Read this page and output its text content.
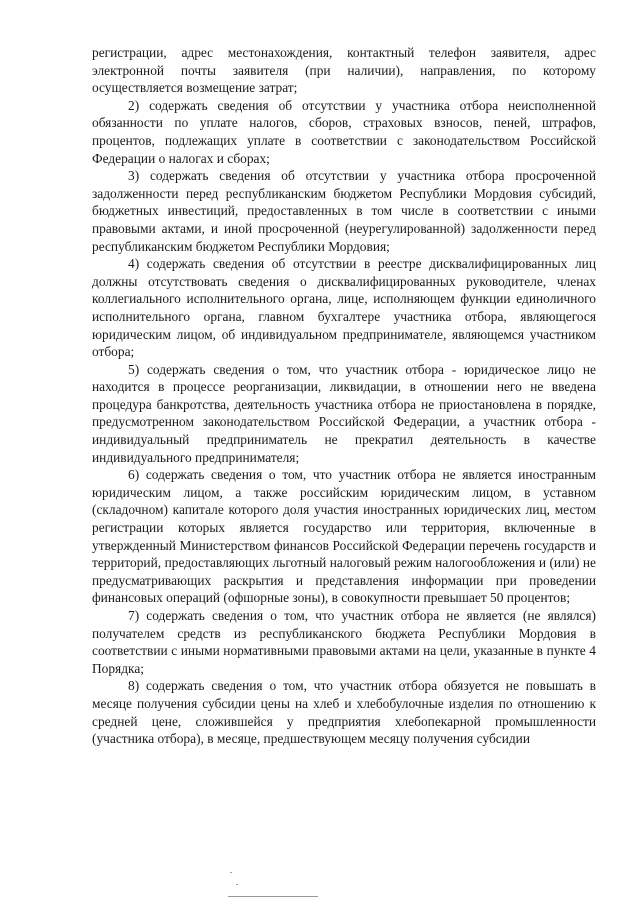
регистрации, адрес местонахождения, контактный телефон заявителя, адрес электронной почты заявителя (при наличии), направления, по которому осуществляется возмещение затрат;

2) содержать сведения об отсутствии у участника отбора неисполненной обязанности по уплате налогов, сборов, страховых взносов, пеней, штрафов, процентов, подлежащих уплате в соответствии с законодательством Российской Федерации о налогах и сборах;

3) содержать сведения об отсутствии у участника отбора просроченной задолженности перед республиканским бюджетом Республики Мордовия субсидий, бюджетных инвестиций, предоставленных в том числе в соответствии с иными правовыми актами, и иной просроченной (неурегулированной) задолженности перед республиканским бюджетом Республики Мордовия;

4) содержать сведения об отсутствии в реестре дисквалифицированных лиц должны отсутствовать сведения о дисквалифицированных руководителе, членах коллегиального исполнительного органа, лице, исполняющем функции единоличного исполнительного органа, главном бухгалтере участника отбора, являющегося юридическим лицом, об индивидуальном предпринимателе, являющемся участником отбора;

5) содержать сведения о том, что участник отбора - юридическое лицо не находится в процессе реорганизации, ликвидации, в отношении него не введена процедура банкротства, деятельность участника отбора не приостановлена в порядке, предусмотренном законодательством Российской Федерации, а участник отбора - индивидуальный предприниматель не прекратил деятельность в качестве индивидуального предпринимателя;

6) содержать сведения о том, что участник отбора не является иностранным юридическим лицом, а также российским юридическим лицом, в уставном (складочном) капитале которого доля участия иностранных юридических лиц, местом регистрации которых является государство или территория, включенные в утвержденный Министерством финансов Российской Федерации перечень государств и территорий, предоставляющих льготный налоговый режим налогообложения и (или) не предусматривающих раскрытия и представления информации при проведении финансовых операций (офшорные зоны), в совокупности превышает 50 процентов;

7) содержать сведения о том, что участник отбора не является (не являлся) получателем средств из республиканского бюджета Республики Мордовия в соответствии с иными нормативными правовыми актами на цели, указанные в пункте 4 Порядка;

8) содержать сведения о том, что участник отбора обязуется не повышать в месяце получения субсидии цены на хлеб и хлебобулочные изделия по отношению к средней цене, сложившейся у предприятия хлебопекарной промышленности (участника отбора), в месяце, предшествующем месяцу получения субсидии
